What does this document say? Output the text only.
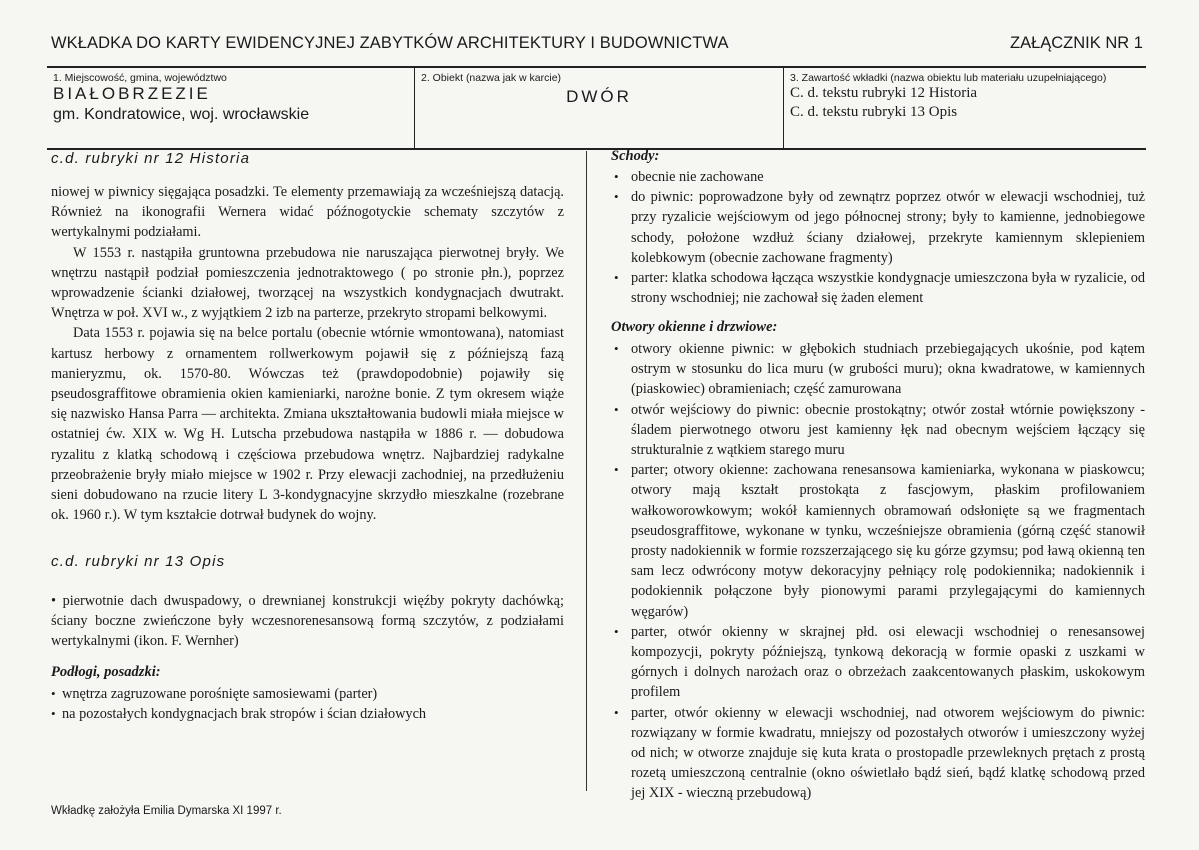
WKŁADKA DO KARTY EWIDENCYJNEJ ZABYTKÓW ARCHITEKTURY I BUDOWNICTWA	ZAŁĄCZNIK NR 1
1. Miejscowość, gmina, województwo
BIAŁOBRZEZIE
gm. Kondratowice, woj. wrocławskie
2. Obiekt (nazwa jak w karcie)
DWÓR
3. Zawartość wkładki (nazwa obiektu lub materiału uzupełniającego)
C. d. tekstu rubryki 12 Historia
C. d. tekstu rubryki 13 Opis
c.d. rubryki nr 12 Historia

niowej w piwnicy sięgająca posadzki. Te elementy przemawiają za wcześniejszą datacją. Również na ikonografii Wernera widać późnogotyckie schematy szczytów z wertykalnymi podziałami.

W 1553 r. nastąpiła gruntowna przebudowa nie naruszająca pierwotnej bryły. We wnętrzu nastąpił podział pomieszczenia jednotraktowego ( po stronie płn.), poprzez wprowadzenie ścianki działowej, tworzącej na wszystkich kondygnacjach dwutrakt. Wnętrza w poł. XVI w., z wyjątkiem 2 izb na parterze, przekryto stropami belkowymi.

Data 1553 r. pojawia się na belce portalu (obecnie wtórnie wmontowana), natomiast kartusz herbowy z ornamentem rollwerkowym pojawił się z późniejszą fazą manieryzmu, ok. 1570-80. Wówczas też (prawdopodobnie) pojawiły się pseudosgraffitowe obramienia okien kamieniarki, narożne bonie. Z tym okresem wiąże się nazwisko Hansa Parra — architekta. Zmiana ukształtowania budowli miała miejsce w ostatniej ćw. XIX w. Wg H. Lutscha przebudowa nastąpiła w 1886 r. — dobudowa ryzalitu z klatką schodową i częściowa przebudowa wnętrz. Najbardziej radykalne przeobrażenie bryły miało miejsce w 1902 r. Przy elewacji zachodniej, na przedłużeniu sieni dobudowano na rzucie litery L 3-kondygnacyjne skrzydło mieszkalne (rozebrane ok. 1960 r.). W tym kształcie dotrwał budynek do wojny.

c.d. rubryki nr 13 Opis

• pierwotnie dach dwuspadowy, o drewnianej konstrukcji więźby pokryty dachówką; ściany boczne zwieńczone były wczesnorenesansową formą szczytów, z podziałami wertykalnymi (ikon. F. Wernher)

Podłogi, posadzki:
• wnętrza zagruzowane porośnięte samosiewami (parter)
• na pozostałych kondygnacjach brak stropów i ścian działowych
Schody:
• obecnie nie zachowane
• do piwnic: poprowadzone były od zewnątrz poprzez otwór w elewacji wschodniej, tuż przy ryzalicie wejściowym od jego północnej strony; były to kamienne, jednobiegowe schody, położone wzdłuż ściany działowej, przekryte kamiennym sklepieniem kolebkowym (obecnie zachowane fragmenty)
• parter: klatka schodowa łącząca wszystkie kondygnacje umieszczona była w ryzalicie, od strony wschodniej; nie zachował się żaden element
Otwory okienne i drzwiowe:
• otwory okienne piwnic: w głębokich studniach przebiegających ukośnie, pod kątem ostrym w stosunku do lica muru (w grubości muru); okna kwadratowe, w kamiennych (piaskowiec) obramieniach; część zamurowana
• otwór wejściowy do piwnic: obecnie prostokątny; otwór został wtórnie powiększony - śladem pierwotnego otworu jest kamienny łęk nad obecnym wejściem łączący się strukturalnie z wątkiem starego muru
• parter; otwory okienne: zachowana renesansowa kamieniarka, wykonana w piaskowcu; otwory mają kształt prostokąta z fascjowym, płaskim profilowaniem wałkoworowkowym; wokół kamiennych obramowań odsłonięte są we fragmentach pseudosgraffitowe, wykonane w tynku, wcześniejsze obramienia (górną część stanowił prosty nadokiennik w formie rozszerzającego się ku górze gzymsu; pod ławą okienną ten sam lecz odwrócony motyw dekoracyjny pełniący rolę podokiennika; nadokiennik i podokiennik połączone były pionowymi parami przylegającymi do kamiennych węgarów)
• parter, otwór okienny w skrajnej płd. osi elewacji wschodniej o renesansowej kompozycji, pokryty późniejszą, tynkową dekoracją w formie opaski z uszkami w górnych i dolnych narożach oraz o obrzeżach zaakcentowanych płaskim, uskokowym profilem
• parter, otwór okienny w elewacji wschodniej, nad otworem wejściowym do piwnic: rozwiązany w formie kwadratu, mniejszy od pozostałych otworów i umieszczony wyżej od nich; w otworze znajduje się kuta krata o prostopadle przewleknych prętach z prostą rozetą umieszczoną centralnie (okno oświetlało bądź sień, bądź klatkę schodową przed jej XIX - wieczną przebudową)
Wkładkę założyła Emilia Dymarska XI 1997 r.
